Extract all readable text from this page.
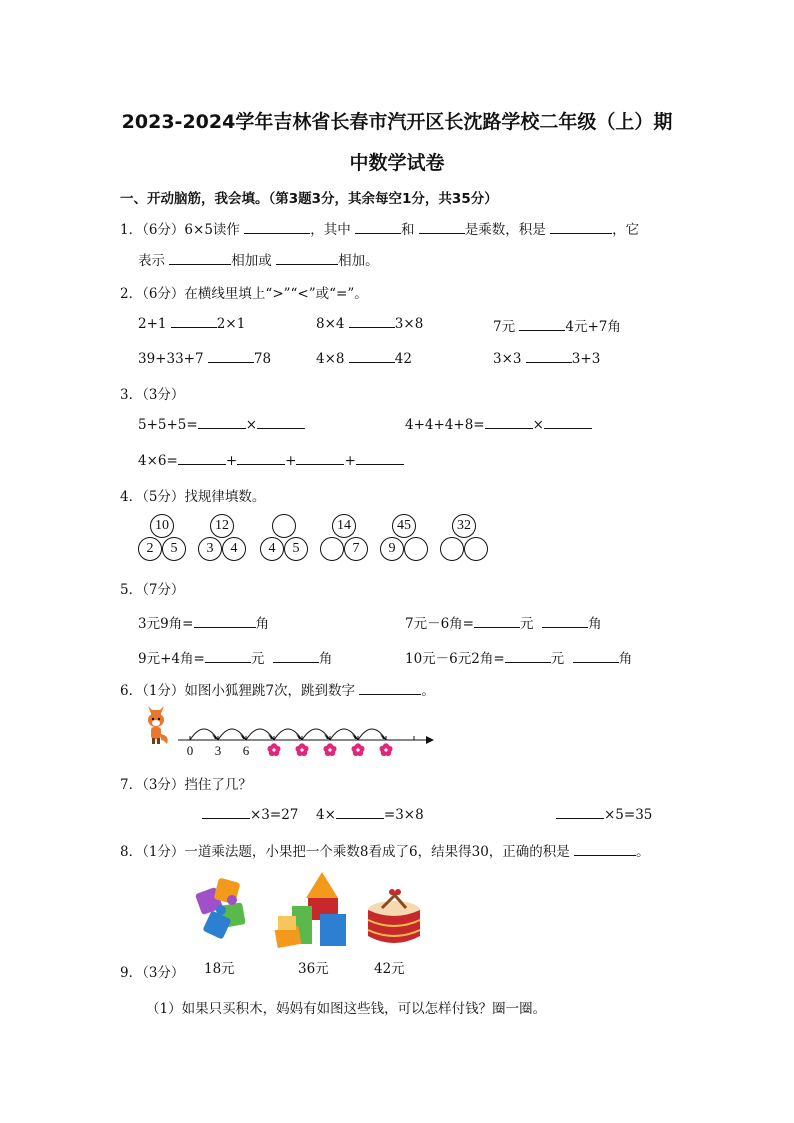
2023-2024学年吉林省长春市汽开区长沈路学校二年级（上）期
中数学试卷
一、开动脑筋，我会填。（第3题3分，其余每空1分，共35分）
1．（6分）6×5读作	，其中	和	是乘数，积是	，它
表示	相加或	相加。
2．（6分）在横线里填上“>”“<”或“=”。
2+1	2×1	8×4	3×8	7元	4元+7角
39+33+7	78	4×8	42	3×3	3+3
3．（3分）
5+5+5=	×	4+4+4+8=	×
4×6=	+	+	+
4．（5分）找规律填数。
10
2	5
12
3	4	4	5
14
7
45
9
32
5．（7分）
3元9角=	角	7元－6角=	元	角
9元+4角=	元	角	10元－6元2角=	元	角
6．（1分）如图小狐狸跳7次，跳到数字	。
0 3 6
7．（3分）挡住了几？
×3=27 4×	=3×8	×5=35
8．（1分）一道乘法题，小果把一个乘数8看成了6，结果得30，正确的积是	。
18元	36元	42元
9．（3分）
（1）如果只买积木，妈妈有如图这些钱，可以怎样付钱？圈一圈。
